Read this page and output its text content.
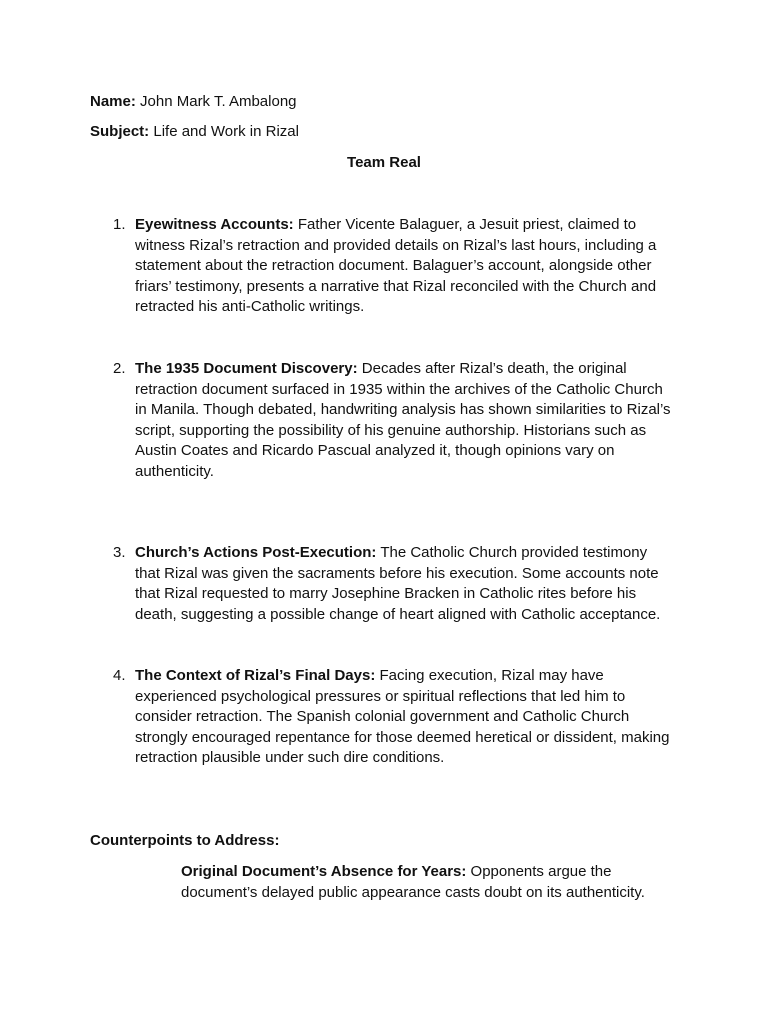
Name: John Mark T. Ambalong
Subject: Life and Work in Rizal
Team Real
1. Eyewitness Accounts: Father Vicente Balaguer, a Jesuit priest, claimed to witness Rizal’s retraction and provided details on Rizal’s last hours, including a statement about the retraction document. Balaguer’s account, alongside other friars’ testimony, presents a narrative that Rizal reconciled with the Church and retracted his anti-Catholic writings.
2. The 1935 Document Discovery: Decades after Rizal’s death, the original retraction document surfaced in 1935 within the archives of the Catholic Church in Manila. Though debated, handwriting analysis has shown similarities to Rizal’s script, supporting the possibility of his genuine authorship. Historians such as Austin Coates and Ricardo Pascual analyzed it, though opinions vary on authenticity.
3. Church’s Actions Post-Execution: The Catholic Church provided testimony that Rizal was given the sacraments before his execution. Some accounts note that Rizal requested to marry Josephine Bracken in Catholic rites before his death, suggesting a possible change of heart aligned with Catholic acceptance.
4. The Context of Rizal’s Final Days: Facing execution, Rizal may have experienced psychological pressures or spiritual reflections that led him to consider retraction. The Spanish colonial government and Catholic Church strongly encouraged repentance for those deemed heretical or dissident, making retraction plausible under such dire conditions.
Counterpoints to Address:
Original Document’s Absence for Years: Opponents argue the document’s delayed public appearance casts doubt on its authenticity.
